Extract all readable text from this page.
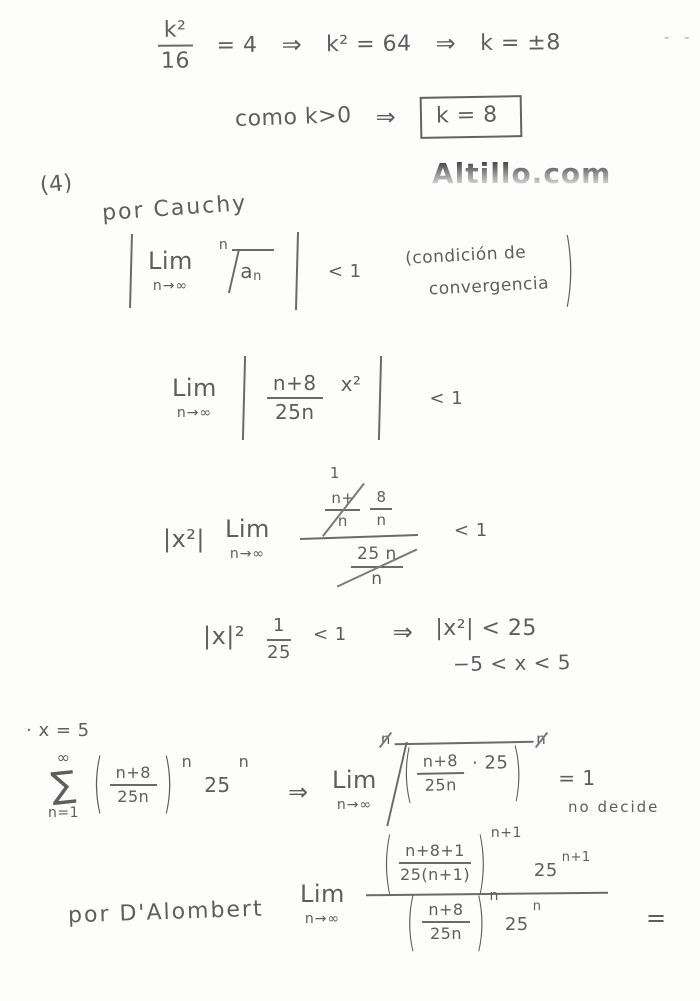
$\frac{\text{k²}}{16} = 4$ ⇒ k² = 64 ⇒ k = ±8	- -
como k>0 ⇒	k = 8
Altillo.com
(4)
por Cauchy
Lim
n→∞
n
a n	< 1
(condición de
convergencia )
Lim
n→∞	$\frac{n+8}{25n} x^2$
< 1
|x²| Lim
n→∞
1
$\frac{n+}{n} \frac{8}{n}$
$\frac{25 n}{n}$
< 1
$|x|^2 \frac{1}{25} < 1$ ⇒ |x²| < 25
−5 < x < 5
· x = 5
∞
∑
n=1 ( $\frac{n+8}{25n}$ ) n
25
n
⇒ Lim
n→∞
n ( $\frac{n+8}{25n} \cdot 25$ ) n
= 1
no decide
por D'Alombert
Lim
n→∞
( $\frac{n+8+1}{25(n+1)}$ ) n+1
25
n+1
( $\frac{n+8}{25n}$ ) n
25
n	=
